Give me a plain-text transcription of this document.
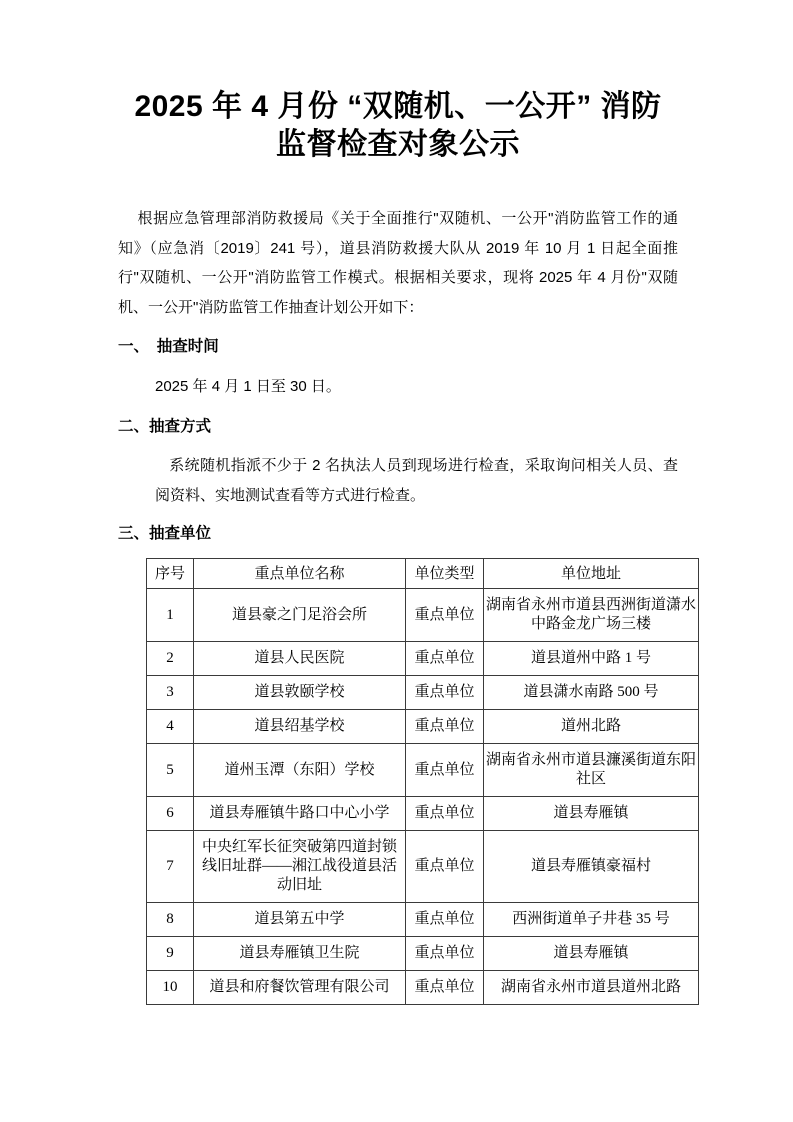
2025 年 4 月份 “双随机、一公开” 消防
监督检查对象公示

根据应急管理部消防救援局《关于全面推行"双随机、一公开"消防监管工作的通知》（应急消〔2019〕241 号），道县消防救援大队从 2019 年 10 月 1 日起全面推行"双随机、一公开"消防监管工作模式。根据相关要求，现将 2025 年 4 月份"双随机、一公开"消防监管工作抽查计划公开如下：

一、　抽查时间

2025 年 4 月 1 日至 30 日。

二、抽查方式

系统随机指派不少于 2 名执法人员到现场进行检查，采取询问相关人员、查阅资料、实地测试查看等方式进行检查。

三、抽查单位
序号	重点单位名称	单位类型	单位地址
1	道县豪之门足浴会所	重点单位	湖南省永州市道县西洲街道潇水中路金龙广场三楼
2	道县人民医院	重点单位	道县道州中路 1 号
3	道县敦颐学校	重点单位	道县潇水南路 500 号
4	道县绍基学校	重点单位	道州北路
5	道州玉潭（东阳）学校	重点单位	湖南省永州市道县濂溪街道东阳社区
6	道县寿雁镇牛路口中心小学	重点单位	道县寿雁镇
7	中央红军长征突破第四道封锁线旧址群——湘江战役道县活动旧址	重点单位	道县寿雁镇豪福村
8	道县第五中学	重点单位	西洲街道单子井巷 35 号
9	道县寿雁镇卫生院	重点单位	道县寿雁镇
10	道县和府餐饮管理有限公司	重点单位	湖南省永州市道县道州北路
